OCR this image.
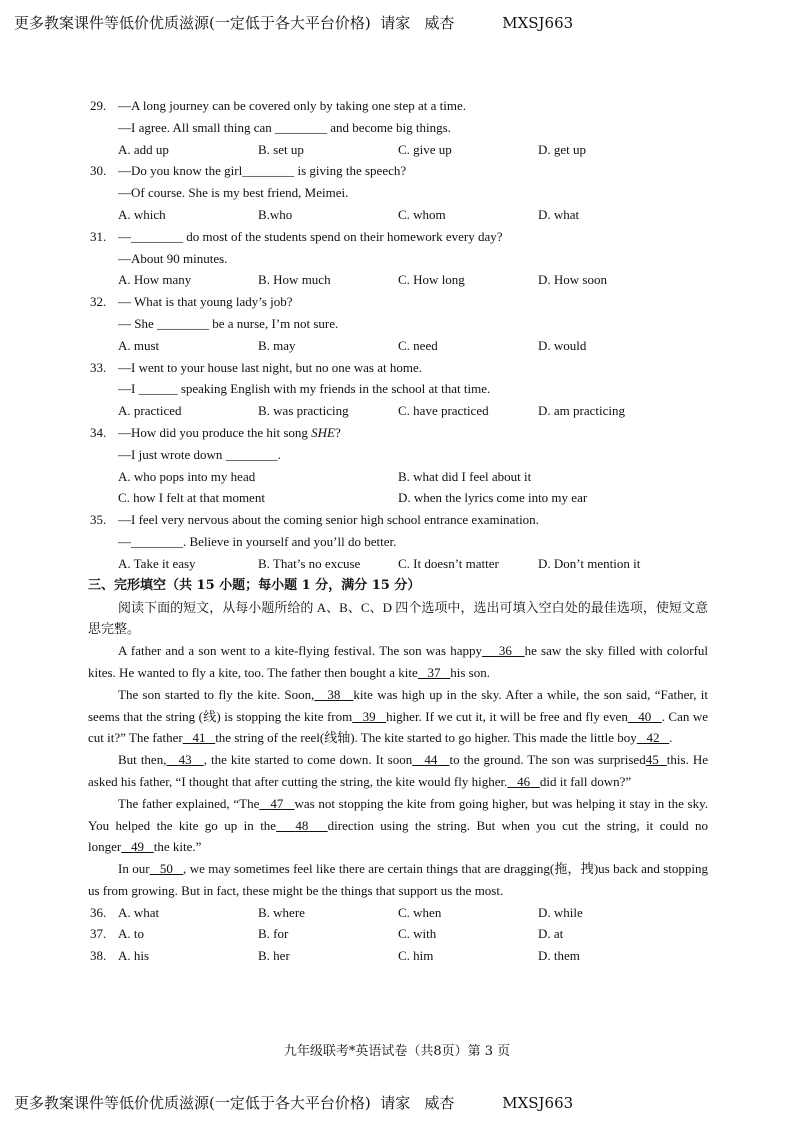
更多教案课件等低价优质滋源(一定低于各大平台价格)  请家   威杏          MXSJ663
29. —A long journey can be covered only by taking one step at a time.
—I agree. All small thing can ________ and become big things.
A. add up	B. set up	C. give up	D. get up
30. —Do you know the girl________ is giving the speech?
—Of course. She is my best friend, Meimei.
A. which	B.who	C. whom	D. what
31. —________ do most of the students spend on their homework every day?
—About 90 minutes.
A. How many	B. How much	C. How long	D. How soon
32. — What is that young lady’s job?
— She ________ be a nurse, I’m not sure.
A. must	B. may	C. need	D. would
33. —I went to your house last night, but no one was at home.
—I ______ speaking English with my friends in the school at that time.
A. practiced	B. was practicing	C. have practiced	D. am practicing
34. —How did you produce the hit song SHE?
—I just wrote down ________.
A. who pops into my head	B. what did I feel about it
C. how I felt at that moment	D. when the lyrics come into my ear
35. —I feel very nervous about the coming senior high school entrance examination.
—________. Believe in yourself and you’ll do better.
A. Take it easy	B. That’s no excuse	C. It doesn’t matter	D. Don’t mention it
三、完形填空（共 15 小题；每小题 1 分，满分 15 分）

阅读下面的短文，从每小题所给的 A、B、C、D 四个选项中，选出可填入空白处的最佳选项，使短文意思完整。

A father and a son went to a kite-flying festival. The son was happy 36 he saw the sky filled with colorful kites. He wanted to fly a kite, too. The father then bought a kite 37 his son.

The son started to fly the kite. Soon, 38 kite was high up in the sky. After a while, the son said, “Father, it seems that the string (线) is stopping the kite from 39 higher. If we cut it, it will be free and fly even 40 . Can we cut it?” The father 41 the string of the reel(线轴). The kite started to go higher. This made the little boy 42 .

But then, 43 , the kite started to come down. It soon 44 to the ground. The son was surprised45 this. He asked his father, “I thought that after cutting the string, the kite would fly higher. 46 did it fall down?”

The father explained, “The 47 was not stopping the kite from going higher, but was helping it stay in the sky. You helped the kite go up in the 48 direction using the string. But when you cut the string, it could no longer 49 the kite.”

In our 50 , we may sometimes feel like there are certain things that are dragging(拖，拽)us back and stopping us from growing. But in fact, these might be the things that support us the most.

36. A. what	B. where	C. when	D. while
37. A. to	B. for	C. with	D. at
38. A. his	B. her	C. him	D. them
九年级联考*英语试卷（共8页）第 3 页
更多教案课件等低价优质滋源(一定低于各大平台价格)  请家   威杏          MXSJ663
